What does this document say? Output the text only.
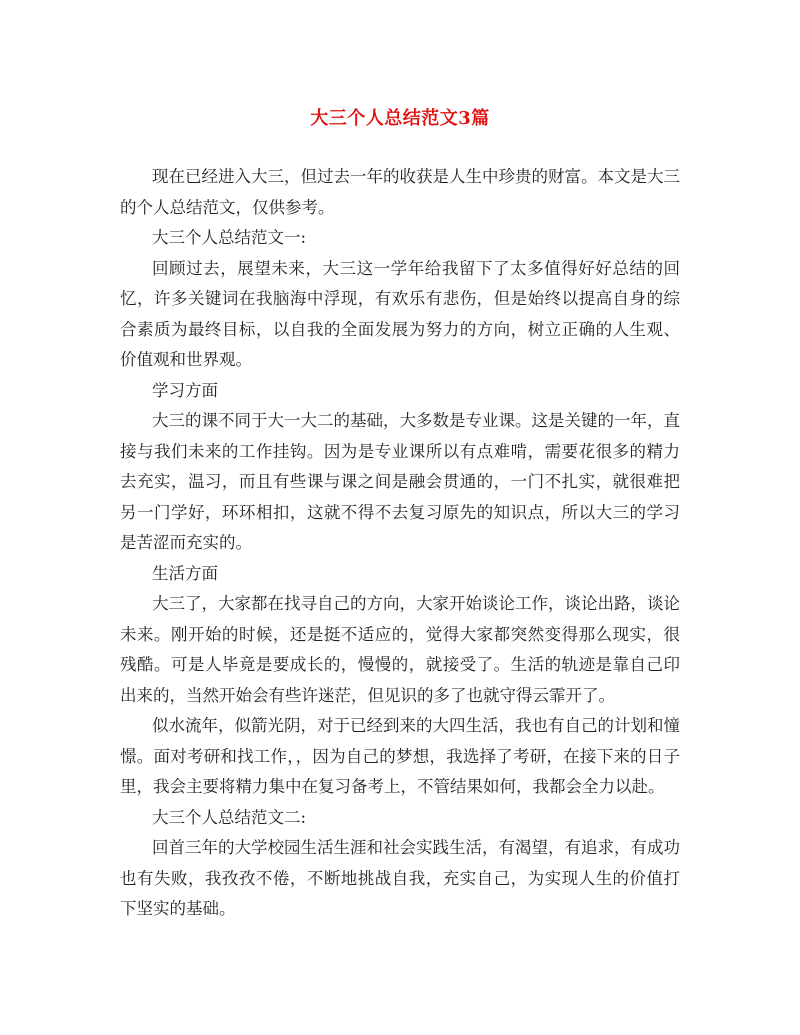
大三个人总结范文3篇

现在已经进入大三，但过去一年的收获是人生中珍贵的财富。本文是大三的个人总结范文，仅供参考。

大三个人总结范文一:

回顾过去，展望未来，大三这一学年给我留下了太多值得好好总结的回忆，许多关键词在我脑海中浮现，有欢乐有悲伤，但是始终以提高自身的综合素质为最终目标，以自我的全面发展为努力的方向，树立正确的人生观、价值观和世界观。

学习方面

大三的课不同于大一大二的基础，大多数是专业课。这是关键的一年，直接与我们未来的工作挂钩。因为是专业课所以有点难啃，需要花很多的精力去充实，温习，而且有些课与课之间是融会贯通的，一门不扎实，就很难把另一门学好，环环相扣，这就不得不去复习原先的知识点，所以大三的学习是苦涩而充实的。

生活方面

大三了，大家都在找寻自己的方向，大家开始谈论工作，谈论出路，谈论未来。刚开始的时候，还是挺不适应的，觉得大家都突然变得那么现实，很残酷。可是人毕竟是要成长的，慢慢的，就接受了。生活的轨迹是靠自己印出来的，当然开始会有些许迷茫，但见识的多了也就守得云霏开了。

似水流年，似箭光阴，对于已经到来的大四生活，我也有自己的计划和憧憬。面对考研和找工作，，因为自己的梦想，我选择了考研，在接下来的日子里，我会主要将精力集中在复习备考上，不管结果如何，我都会全力以赴。

大三个人总结范文二:

回首三年的大学校园生活生涯和社会实践生活，有渴望，有追求，有成功也有失败，我孜孜不倦，不断地挑战自我，充实自己，为实现人生的价值打下坚实的基础。
